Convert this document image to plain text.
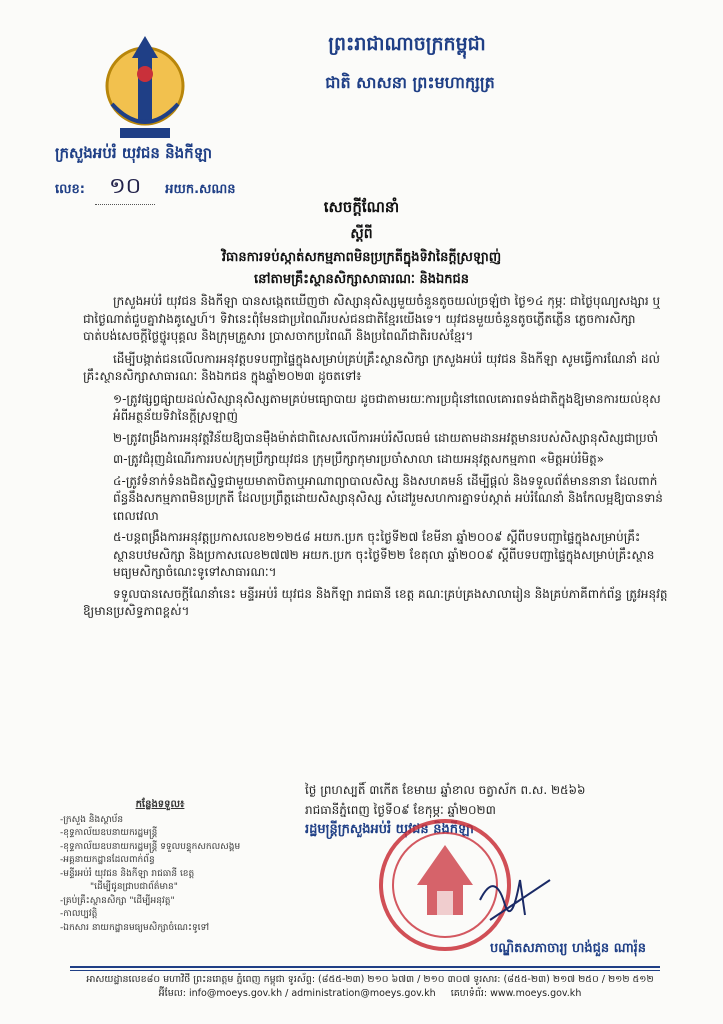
ព្រះរាជាណាចក្រកម្ពុជា
ជាតិ សាសនា ព្រះមហាក្សត្រ
ក្រសួងអប់រំ យុវជន និងកីឡា
លេខ:	១០	អយក.សណន
សេចក្តីណែនាំ
ស្តីពី
វិធានការទប់ស្កាត់សកម្មភាពមិនប្រក្រតីក្នុងទិវានៃក្តីស្រឡាញ់
នៅតាមគ្រឹះស្ថានសិក្សាសាធារណៈ និងឯកជន

ក្រសួងអប់រំ យុវជន និងកីឡា បានសង្កេតឃើញថា សិស្សានុសិស្សមួយចំនួនតូចយល់ច្រឡំថា ថ្ងៃ១៤ កុម្ភៈ ជាថ្ងៃបុណ្យសង្សារ ឬជាថ្ងៃណាត់ជួបគ្នាវាងគូស្នេហ៍។ ទិវានេះពុំមែនជាប្រពៃណីរបស់ជនជាតិខ្មែរយើងទេ។ យុវជនមួយចំនួនតូចភ្លើតភ្លើន ភ្លេចការសិក្សា បាត់បង់សេចក្តីថ្លៃថ្នូរបុគ្គល និងក្រុមគ្រួសារ ប្រាសចាកប្រពៃណី និងប្រពៃណីជាតិរបស់ខ្មែរ។

ដើម្បីបង្កាត់ជនលើលការអនុវត្តបទបញ្ជាផ្ទៃក្នុងសម្រាប់គ្រប់គ្រឹះស្ថានសិក្សា ក្រសួងអប់រំ យុវជន និងកីឡា សូមធ្វើការណែនាំ ដល់គ្រឹះស្ថានសិក្សាសាធារណៈ និងឯកជន ក្នុងឆ្នាំ២០២៣ ដូចតទៅ៖

១-ត្រូវផ្សព្វផ្សាយដល់សិស្សានុសិស្សតាមគ្រប់មធ្យោបាយ ដូចជាតាមរយៈការប្រជុំនៅពេលគោរពទង់ជាតិក្នុងឱ្យមានការយល់ខុសអំពីអត្ថន័យទិវានៃក្តីស្រឡាញ់
២-ត្រូវពង្រឹងការអនុវត្តវិន័យឱ្យបានម៉ឺងម៉ាត់ជាពិសេសលើការអប់រំសីលធម៌ ដោយតាមដានអវត្តមានរបស់សិស្សានុសិស្សជាប្រចាំ
៣-ត្រូវជំរុញដំណើរការរបស់ក្រុមប្រឹក្សាយុវជន ក្រុមប្រឹក្សាកុមារប្រចាំសាលា ដោយអនុវត្តសកម្មភាព «មិត្តអប់រំមិត្ត»
៤-ត្រូវទំនាក់ទំនងជិតស្និទ្ធជាមួយមាតាបិតាឬអាណាព្យាបាលសិស្ស និងសហគមន៍ ដើម្បីផ្តល់ និងទទួលព័ត៌មាននានា ដែលពាក់ព័ន្ធនឹងសកម្មភាពមិនប្រក្រតី ដែលប្រព្រឹត្តដោយសិស្សានុសិស្ស សំដៅរួមសហការគ្នាទប់ស្កាត់ អប់រំណែនាំ និងកែលម្អឱ្យបានទាន់ពេលវេលា
៥-បន្តពង្រឹងការអនុវត្តប្រកាសលេខ២១២៥៨ អយក.ប្រក ចុះថ្ងៃទី២៧ ខែមីនា ឆ្នាំ២០០៩ ស្តីពីបទបញ្ជាផ្ទៃក្នុងសម្រាប់គ្រឹះស្ថានបឋមសិក្សា និងប្រកាសលេខ២៧៧២ អយក.ប្រក ចុះថ្ងៃទី២២ ខែតុលា ឆ្នាំ២០០៩ ស្តីពីបទបញ្ជាផ្ទៃក្នុងសម្រាប់គ្រឹះស្ថានមធ្យមសិក្សាចំណេះទូទៅសាធារណៈ។

ទទួលបានសេចក្តីណែនាំនេះ មន្ទីរអប់រំ យុវជន និងកីឡា រាជធានី ខេត្ត គណៈគ្រប់គ្រងសាលារៀន និងគ្រប់ភាគីពាក់ព័ន្ធ ត្រូវអនុវត្តឱ្យមានប្រសិទ្ធភាពខ្ពស់។

ថ្ងៃ ព្រហស្បតិ៍ ៣កើត ខែមាឃ ឆ្នាំខាល ចត្វាស័ក ព.ស. ២៥៦៦
រាជធានីភ្នំពេញ ថ្ងៃទី០៩ ខែកុម្ភៈ ឆ្នាំ២០២៣
រដ្ឋមន្ត្រីក្រសួងអប់រំ យុវជន និងកីឡា
បណ្ឌិតសភាចារ្យ ហង់ជួន ណារ៉ុន
កន្លែងទទួល៖
-ក្រសួង និងស្ថាប័ន
-ខុទ្ទកាល័យឧបនាយករដ្ឋមន្ត្រី
-ខុទ្ទកាល័យឧបនាយករដ្ឋមន្ត្រី ទទួលបន្ទុកសកលសង្គម
-អគ្គនាយកដ្ឋានដែលពាក់ព័ន្ធ
-មន្ទីរអប់រំ យុវជន និងកីឡា រាជធានី ខេត្ត
"ដើម្បីជូនជ្រាបជាព័ត៌មាន"
-គ្រប់គ្រឹះស្ថានសិក្សា "ដើម្បីអនុវត្ត"
-កាលប្បវត្តិ
-ឯកសារ នាយកដ្ឋានមធ្យមសិក្សាចំណេះទូទៅ
អាសយដ្ឋានលេខ៨០ មហាវិថី ព្រះនរោត្តម ភ្នំពេញ កម្ពុជា ទូរស័ព្ទ: (៨៥៥-២៣) ២១០ ៦៧៣ / ២១០ ៣០៧ ទូរសារ: (៨៥៥-២៣) ២១៧ ២៥០ / ២១២ ៥១២
អ៊ីមែល: info@moeys.gov.kh / administration@moeys.gov.kh គេហទំព័រ: www.moeys.gov.kh
